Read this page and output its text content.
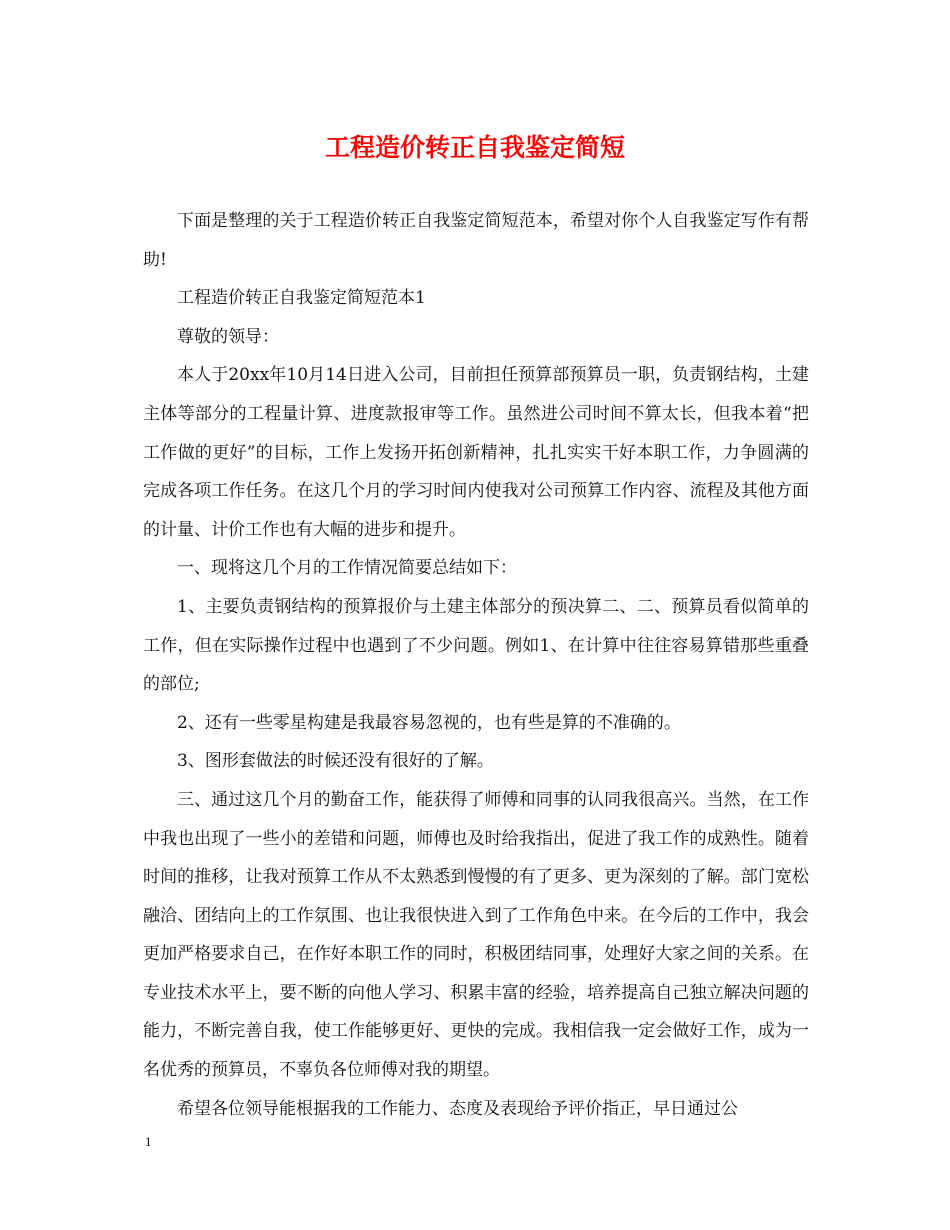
工程造价转正自我鉴定简短

下面是整理的关于工程造价转正自我鉴定简短范本，希望对你个人自我鉴定写作有帮助!

工程造价转正自我鉴定简短范本1

尊敬的领导：

本人于20xx年10月14日进入公司，目前担任预算部预算员一职，负责钢结构，土建主体等部分的工程量计算、进度款报审等工作。虽然进公司时间不算太长，但我本着“把工作做的更好”的目标，工作上发扬开拓创新精神，扎扎实实干好本职工作，力争圆满的完成各项工作任务。在这几个月的学习时间内使我对公司预算工作内容、流程及其他方面的计量、计价工作也有大幅的进步和提升。

一、现将这几个月的工作情况简要总结如下：

1、主要负责钢结构的预算报价与土建主体部分的预决算二、二、预算员看似简单的工作，但在实际操作过程中也遇到了不少问题。例如1、在计算中往往容易算错那些重叠的部位;

2、还有一些零星构建是我最容易忽视的，也有些是算的不准确的。

3、图形套做法的时候还没有很好的了解。

三、通过这几个月的勤奋工作，能获得了师傅和同事的认同我很高兴。当然，在工作中我也出现了一些小的差错和问题，师傅也及时给我指出，促进了我工作的成熟性。随着时间的推移，让我对预算工作从不太熟悉到慢慢的有了更多、更为深刻的了解。部门宽松融洽、团结向上的工作氛围、也让我很快进入到了工作角色中来。在今后的工作中，我会更加严格要求自己，在作好本职工作的同时，积极团结同事，处理好大家之间的关系。在专业技术水平上，要不断的向他人学习、积累丰富的经验，培养提高自己独立解决问题的能力，不断完善自我，使工作能够更好、更快的完成。我相信我一定会做好工作，成为一名优秀的预算员，不辜负各位师傅对我的期望。

希望各位领导能根据我的工作能力、态度及表现给予评价指正，早日通过公

1
